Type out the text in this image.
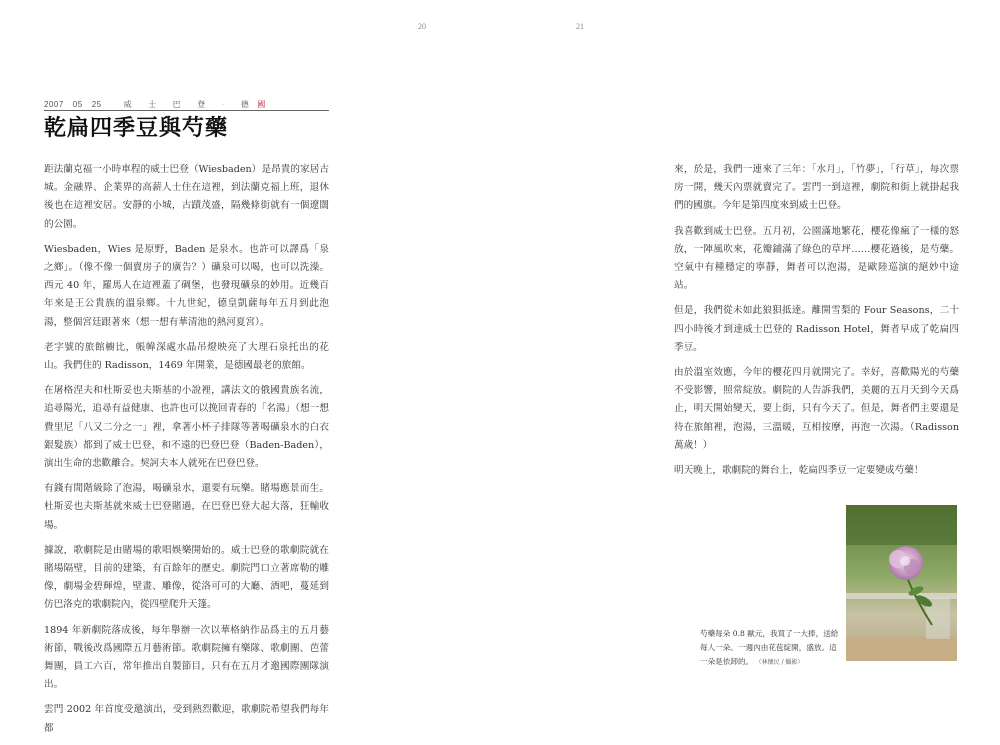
20	21
2007 05 25	威 士 巴 登 · 德 國
乾扁四季豆與芍藥

距法蘭克福一小時車程的威士巴登（Wiesbaden）是昂貴的家居古城。金融界、企業界的高薪人士住在這裡，到法蘭克福上班，退休後也在這裡安居。安靜的小城，古蹟茂盛，隔幾條街就有一個遼闊的公園。

Wiesbaden，Wies 是原野，Baden 是泉水。也許可以譯爲「泉之鄉」。（像不像一個賣房子的廣告？）礦泉可以喝，也可以洗澡。西元 40 年，羅馬人在這裡蓋了碉堡，也發現礦泉的妙用。近幾百年來是王公貴族的溫泉鄉。十九世紀，德皇凱薩每年五月到此泡湯，整個宮廷跟著來（想一想有華清池的熱河夏宮）。

老字號的旅館櫥比，帳幃深處水晶吊燈映亮了大理石泉托出的花山。我們住的 Radisson，1469 年開業，是德國最老的旅館。

在屠格涅夫和杜斯妥也夫斯基的小說裡，講法文的俄國貴族名流，追尋陽光，追尋有益健康、也許也可以挽回青春的「名湯」（想一想費里尼「八又二分之一」裡，拿著小杯子排隊等著喝礦泉水的白衣銀髮族）都到了威士巴登，和不遠的巴登巴登（Baden-Baden），演出生命的悲歡離合。契訶夫本人就死在巴登巴登。

有錢有閒階級除了泡湯，喝礦泉水，還要有玩樂。賭場應景而生。杜斯妥也夫斯基就來威士巴登賭過，在巴登巴登大起大落，狂輸收場。

據說，歌劇院是由賭場的歌唱娛樂開始的。威士巴登的歌劇院就在賭場隔壁，目前的建築，有百餘年的歷史。劇院門口立著席勒的雕像，劇場金碧輝煌，壁畫、雕像，從洛可可的大廳、酒吧，蔓延到仿巴洛克的歌劇院內，從四壁爬升天篷。

1894 年新劇院落成後，每年舉辦一次以華格納作品爲主的五月藝術節，戰後改爲國際五月藝術節。歌劇院擁有樂隊、歌劇團、芭蕾舞團，員工六百，常年推出自製節目，只有在五月才邀國際團隊演出。

雲門 2002 年首度受邀演出，受到熱烈歡迎，歌劇院希望我們每年都

來，於是，我們一連來了三年：「水月」，「竹夢」，「行草」，每次票房一開，幾天內票就賣完了。雲門一到這裡，劇院和街上就掛起我們的國旗。今年是第四度來到威士巴登。

我喜歡到威士巴登。五月初，公園滿地繁花，櫻花像瘋了一樣的怒放，一陣風吹來，花瓣鋪滿了綠色的草坪……櫻花過後，是芍藥。空氣中有種穩定的寧靜，舞者可以泡湯，是歐陸巡演的絕妙中途站。

但是，我們從未如此狼狽抵達。離開雪梨的 Four Seasons，二十四小時後才到達威士巴登的 Radisson Hotel，舞者早成了乾扁四季豆。

由於溫室效應，今年的櫻花四月就開完了。幸好，喜歡陽光的芍藥不受影響，照常綻放。劇院的人告訴我們，美麗的五月天到今天爲止，明天開始變天，要上街，只有今天了。但是，舞者們主要還是待在旅館裡，泡湯，三溫暖，互相按摩，再泡一次湯。（Radisson 萬歲！）

明天晚上，歌劇院的舞台上，乾扁四季豆一定要變成芍藥！

芍藥每朵 0.8 歐元，我買了一大捧，送給每人一朵。一週內由花苞綻開，盛放。這一朵是依卸的。 （林懷民 / 攝影）
